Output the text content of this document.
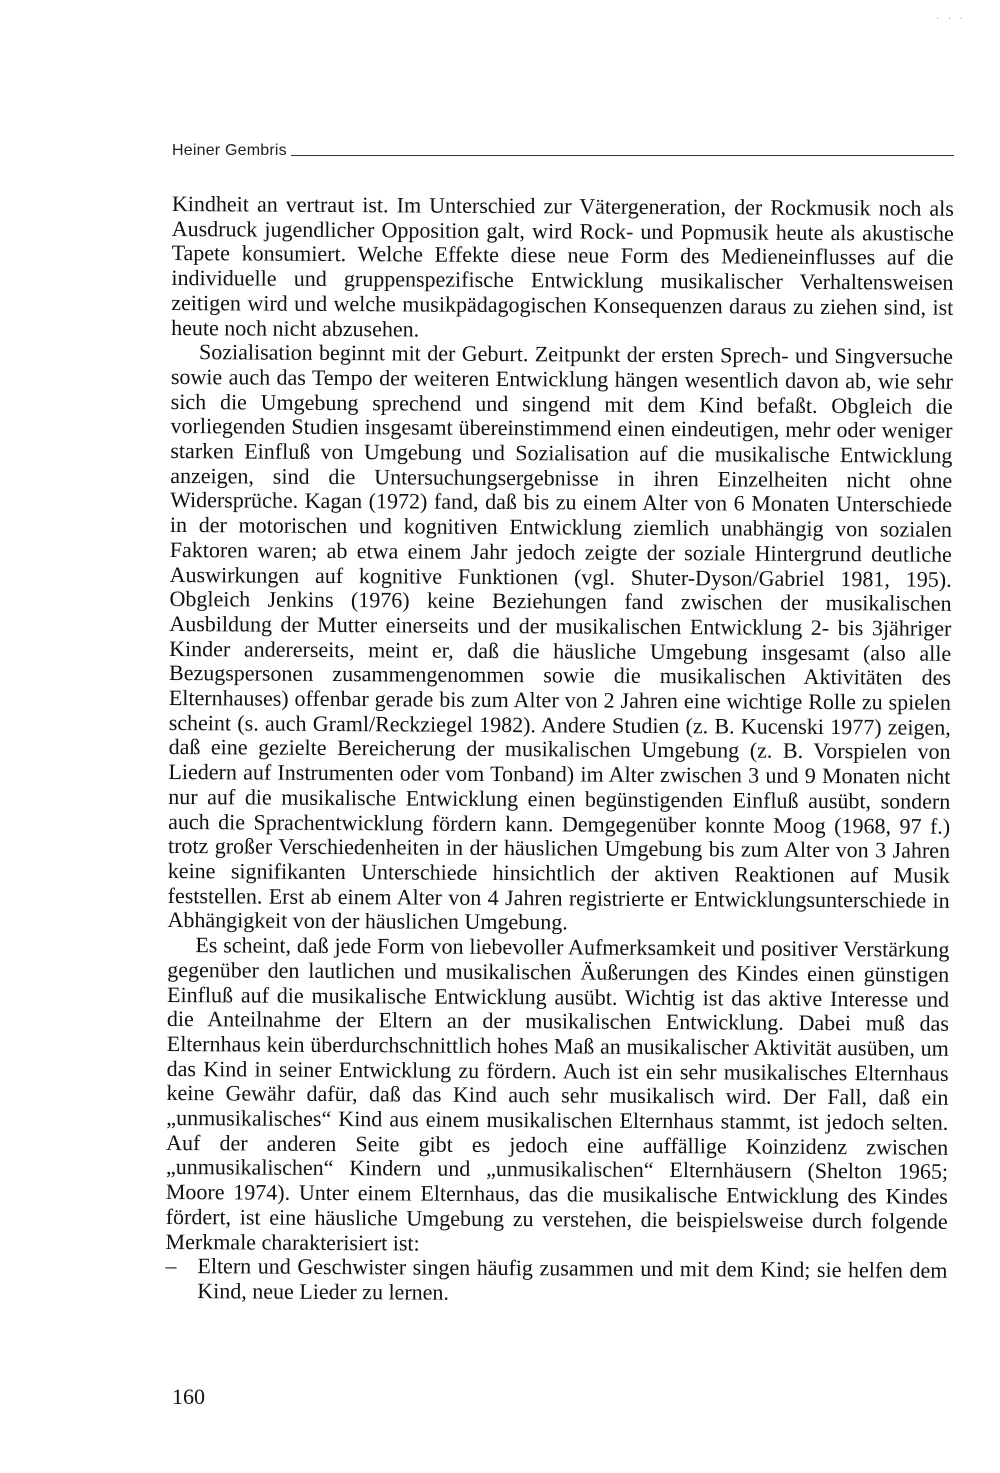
· · ·
Heiner Gembris

Kindheit an vertraut ist. Im Unterschied zur Vätergeneration, der Rockmusik noch als Ausdruck jugendlicher Opposition galt, wird Rock- und Popmusik heute als akustische Tapete konsumiert. Welche Effekte diese neue Form des Medieneinflusses auf die individuelle und gruppenspezifische Entwicklung musikalischer Verhaltensweisen zeitigen wird und welche musikpädagogischen Konsequenzen daraus zu ziehen sind, ist heute noch nicht abzusehen.

Sozialisation beginnt mit der Geburt. Zeitpunkt der ersten Sprech- und Singversuche sowie auch das Tempo der weiteren Entwicklung hängen wesentlich davon ab, wie sehr sich die Umgebung sprechend und singend mit dem Kind befaßt. Obgleich die vorliegenden Studien insgesamt übereinstimmend einen eindeutigen, mehr oder weniger starken Einfluß von Umgebung und Sozialisation auf die musikalische Entwicklung anzeigen, sind die Untersuchungsergebnisse in ihren Einzelheiten nicht ohne Widersprüche. Kagan (1972) fand, daß bis zu einem Alter von 6 Monaten Unterschiede in der motorischen und kognitiven Entwicklung ziemlich unabhängig von sozialen Faktoren waren; ab etwa einem Jahr jedoch zeigte der soziale Hintergrund deutliche Auswirkungen auf kognitive Funktionen (vgl. Shuter-Dyson/Gabriel 1981, 195). Obgleich Jenkins (1976) keine Beziehungen fand zwischen der musikalischen Ausbildung der Mutter einerseits und der musikalischen Entwicklung 2- bis 3jähriger Kinder andererseits, meint er, daß die häusliche Umgebung insgesamt (also alle Bezugspersonen zusammengenommen sowie die musikalischen Aktivitäten des Elternhauses) offenbar gerade bis zum Alter von 2 Jahren eine wichtige Rolle zu spielen scheint (s. auch Graml/Reckziegel 1982). Andere Studien (z. B. Kucenski 1977) zeigen, daß eine gezielte Bereicherung der musikalischen Umgebung (z. B. Vorspielen von Liedern auf Instrumenten oder vom Tonband) im Alter zwischen 3 und 9 Monaten nicht nur auf die musikalische Entwicklung einen begünstigenden Einfluß ausübt, sondern auch die Sprachentwicklung fördern kann. Demgegenüber konnte Moog (1968, 97 f.) trotz großer Verschiedenheiten in der häuslichen Umgebung bis zum Alter von 3 Jahren keine signifikanten Unterschiede hinsichtlich der aktiven Reaktionen auf Musik feststellen. Erst ab einem Alter von 4 Jahren registrierte er Entwicklungsunterschiede in Abhängigkeit von der häuslichen Umgebung.

Es scheint, daß jede Form von liebevoller Aufmerksamkeit und positiver Verstärkung gegenüber den lautlichen und musikalischen Äußerungen des Kindes einen günstigen Einfluß auf die musikalische Entwicklung ausübt. Wichtig ist das aktive Interesse und die Anteilnahme der Eltern an der musikalischen Entwicklung. Dabei muß das Elternhaus kein überdurchschnittlich hohes Maß an musikalischer Aktivität ausüben, um das Kind in seiner Entwicklung zu fördern. Auch ist ein sehr musikalisches Elternhaus keine Gewähr dafür, daß das Kind auch sehr musikalisch wird. Der Fall, daß ein „unmusikalisches“ Kind aus einem musikalischen Elternhaus stammt, ist jedoch selten. Auf der anderen Seite gibt es jedoch eine auffällige Koinzidenz zwischen „unmusikalischen“ Kindern und „unmusikalischen“ Elternhäusern (Shelton 1965; Moore 1974). Unter einem Elternhaus, das die musikalische Entwicklung des Kindes fördert, ist eine häusliche Umgebung zu verstehen, die beispielsweise durch folgende Merkmale charakterisiert ist:

– Eltern und Geschwister singen häufig zusammen und mit dem Kind; sie helfen dem Kind, neue Lieder zu lernen.
160
